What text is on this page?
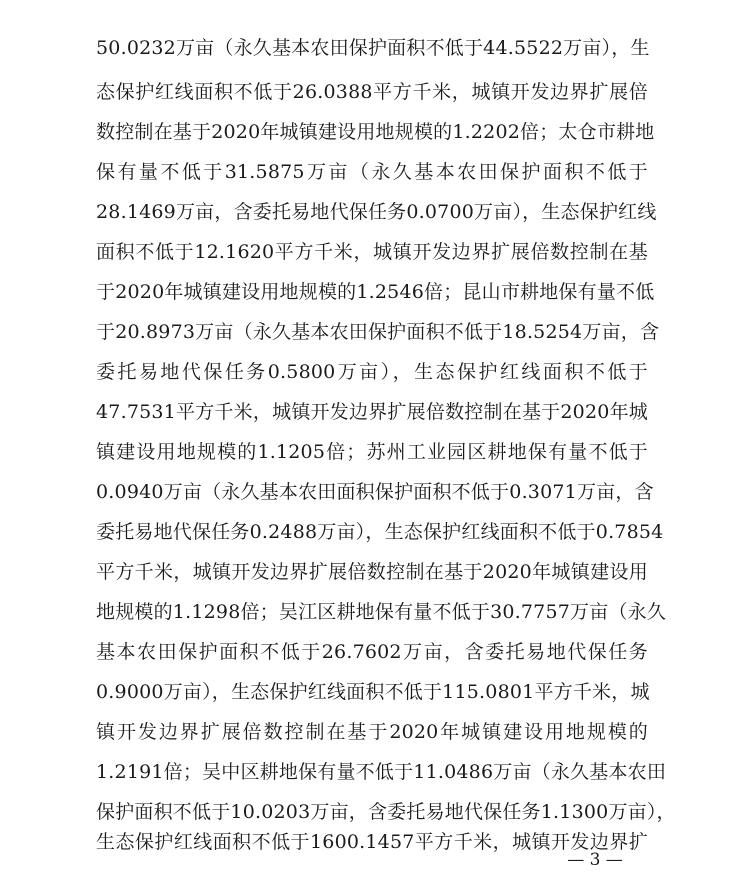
50.0232万亩（永久基本农田保护面积不低于44.5522万亩），生
态保护红线面积不低于26.0388平方千米，城镇开发边界扩展倍
数控制在基于2020年城镇建设用地规模的1.2202倍；太仓市耕地
保有量不低于31.5875万亩（永久基本农田保护面积不低于
28.1469万亩，含委托易地代保任务0.0700万亩），生态保护红线
面积不低于12.1620平方千米，城镇开发边界扩展倍数控制在基
于2020年城镇建设用地规模的1.2546倍；昆山市耕地保有量不低
于20.8973万亩（永久基本农田保护面积不低于18.5254万亩，含
委托易地代保任务0.5800万亩），生态保护红线面积不低于
47.7531平方千米，城镇开发边界扩展倍数控制在基于2020年城
镇建设用地规模的1.1205倍；苏州工业园区耕地保有量不低于
0.0940万亩（永久基本农田面积保护面积不低于0.3071万亩，含
委托易地代保任务0.2488万亩），生态保护红线面积不低于0.7854
平方千米，城镇开发边界扩展倍数控制在基于2020年城镇建设用
地规模的1.1298倍；吴江区耕地保有量不低于30.7757万亩（永久
基本农田保护面积不低于26.7602万亩，含委托易地代保任务
0.9000万亩），生态保护红线面积不低于115.0801平方千米，城
镇开发边界扩展倍数控制在基于2020年城镇建设用地规模的
1.2191倍；吴中区耕地保有量不低于11.0486万亩（永久基本农田
保护面积不低于10.0203万亩，含委托易地代保任务1.1300万亩），
生态保护红线面积不低于1600.1457平方千米，城镇开发边界扩
— 3 —
